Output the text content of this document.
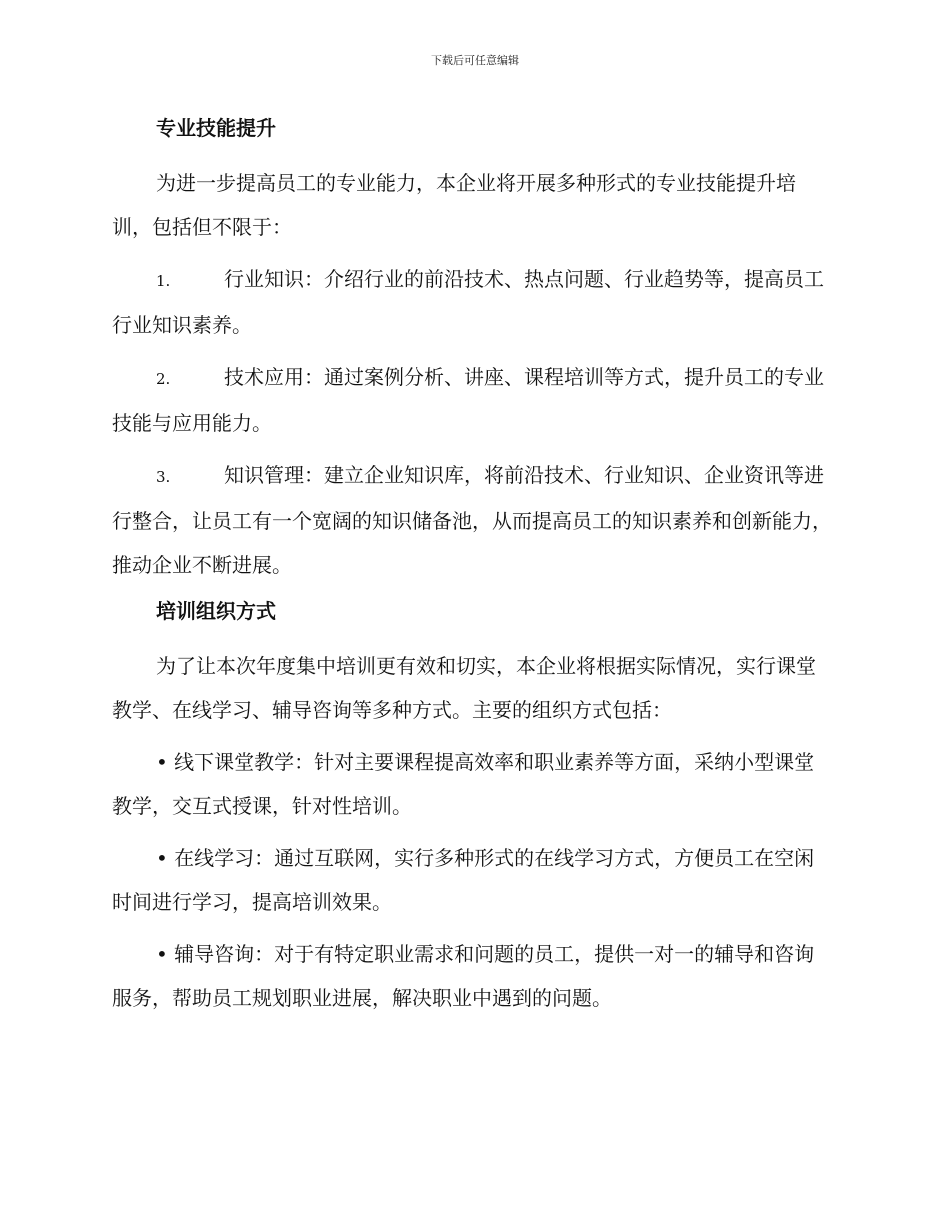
下载后可任意编辑
专业技能提升

为进一步提高员工的专业能力，本企业将开展多种形式的专业技能提升培训，包括但不限于：

1.	行业知识：介绍行业的前沿技术、热点问题、行业趋势等，提高员工行业知识素养。

2.	技术应用：通过案例分析、讲座、课程培训等方式，提升员工的专业技能与应用能力。

3.	知识管理：建立企业知识库，将前沿技术、行业知识、企业资讯等进行整合，让员工有一个宽阔的知识储备池，从而提高员工的知识素养和创新能力，推动企业不断进展。

培训组织方式

为了让本次年度集中培训更有效和切实，本企业将根据实际情况，实行课堂教学、在线学习、辅导咨询等多种方式。主要的组织方式包括：

• 线下课堂教学：针对主要课程提高效率和职业素养等方面，采纳小型课堂教学，交互式授课，针对性培训。

• 在线学习：通过互联网，实行多种形式的在线学习方式，方便员工在空闲时间进行学习，提高培训效果。

• 辅导咨询：对于有特定职业需求和问题的员工，提供一对一的辅导和咨询服务，帮助员工规划职业进展，解决职业中遇到的问题。
